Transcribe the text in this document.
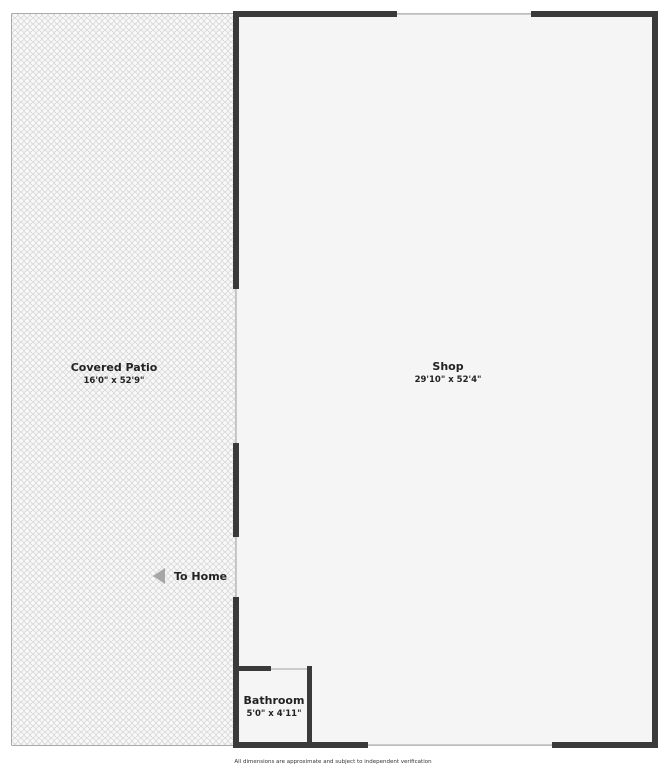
Covered Patio
16'0" x 52'9"
Shop
29'10" x 52'4"
Bathroom
5'0" x 4'11"
To Home
All dimensions are approximate and subject to independent verification
